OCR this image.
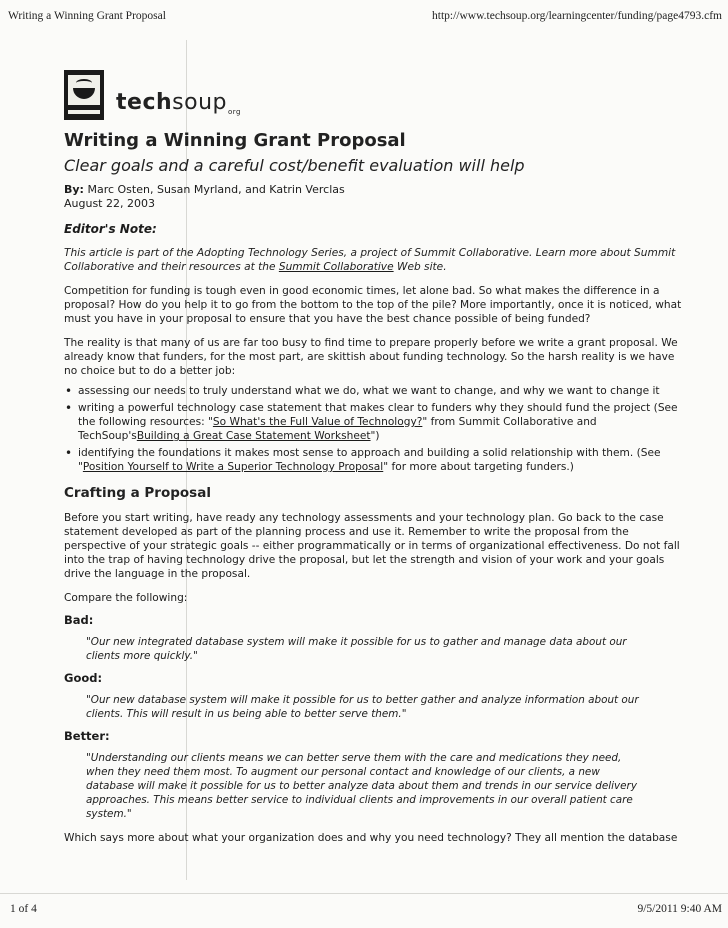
Writing a Winning Grant Proposal	http://www.techsoup.org/learningcenter/funding/page4793.cfm
techsoup$_{org}$
Writing a Winning Grant Proposal
Clear goals and a careful cost/benefit evaluation will help
By: Marc Osten, Susan Myrland, and Katrin Verclas
August 22, 2003
Editor's Note:
This article is part of the Adopting Technology Series, a project of Summit Collaborative. Learn more about Summit Collaborative and their resources at the Summit Collaborative Web site.

Competition for funding is tough even in good economic times, let alone bad. So what makes the difference in a proposal? How do you help it to go from the bottom to the top of the pile? More importantly, once it is noticed, what must you have in your proposal to ensure that you have the best chance possible of being funded?

The reality is that many of us are far too busy to find time to prepare properly before we write a grant proposal. We already know that funders, for the most part, are skittish about funding technology. So the harsh reality is we have no choice but to do a better job:

• assessing our needs to truly understand what we do, what we want to change, and why we want to change it
• writing a powerful technology case statement that makes clear to funders why they should fund the project (See the following resources: "So What's the Full Value of Technology?" from Summit Collaborative and TechSoup'sBuilding a Great Case Statement Worksheet")
• identifying the foundations it makes most sense to approach and building a solid relationship with them. (See "Position Yourself to Write a Superior Technology Proposal" for more about targeting funders.)
Crafting a Proposal

Before you start writing, have ready any technology assessments and your technology plan. Go back to the case statement developed as part of the planning process and use it. Remember to write the proposal from the perspective of your strategic goals -- either programmatically or in terms of organizational effectiveness. Do not fall into the trap of having technology drive the proposal, but let the strength and vision of your work and your goals drive the language in the proposal.

Compare the following:

Bad:
"Our new integrated database system will make it possible for us to gather and manage data about our clients more quickly."
Good:
"Our new database system will make it possible for us to better gather and analyze information about our clients. This will result in us being able to better serve them."
Better:
"Understanding our clients means we can better serve them with the care and medications they need, when they need them most. To augment our personal contact and knowledge of our clients, a new database will make it possible for us to better analyze data about them and trends in our service delivery approaches. This means better service to individual clients and improvements in our overall patient care system."

Which says more about what your organization does and why you need technology? They all mention the database

1 of 4	9/5/2011 9:40 AM
